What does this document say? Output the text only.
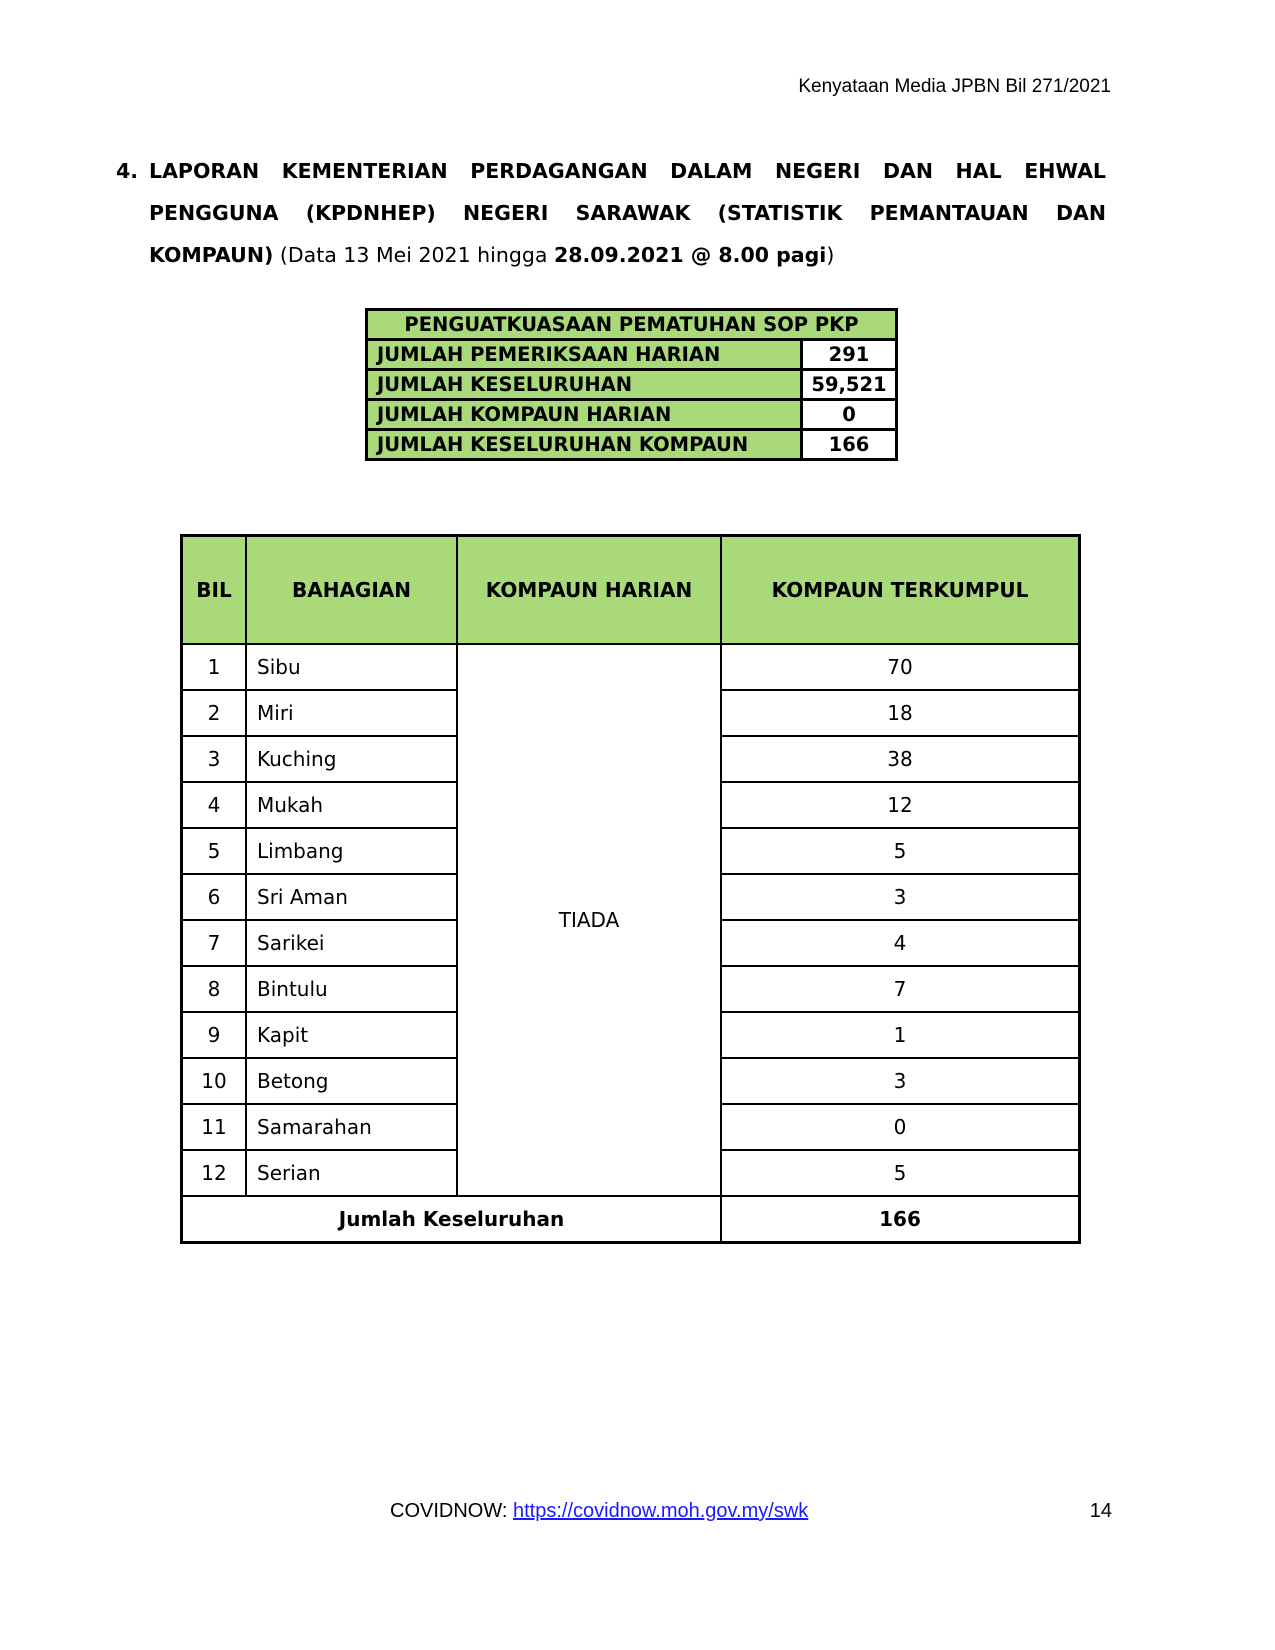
Kenyataan Media JPBN Bil 271/2021
4. LAPORAN KEMENTERIAN PERDAGANGAN DALAM NEGERI DAN HAL EHWAL PENGGUNA (KPDNHEP) NEGERI SARAWAK (STATISTIK PEMANTAUAN DAN KOMPAUN) (Data 13 Mei 2021 hingga 28.09.2021 @ 8.00 pagi)
PENGUATKUASAAN PEMATUHAN SOP PKP	
JUMLAH PEMERIKSAAN HARIAN	291
JUMLAH KESELURUHAN	59,521
JUMLAH KOMPAUN HARIAN	0
JUMLAH KESELURUHAN KOMPAUN	166
BIL	BAHAGIAN	KOMPAUN HARIAN	KOMPAUN TERKUMPUL
1	Sibu	TIADA	70
2	Miri		18
3	Kuching		38
4	Mukah		12
5	Limbang		5
6	Sri Aman		3
7	Sarikei		4
8	Bintulu		7
9	Kapit		1
10	Betong		3
11	Samarahan		0
12	Serian		5
Jumlah Keseluruhan			166
COVIDNOW: https://covidnow.moh.gov.my/swk	14
